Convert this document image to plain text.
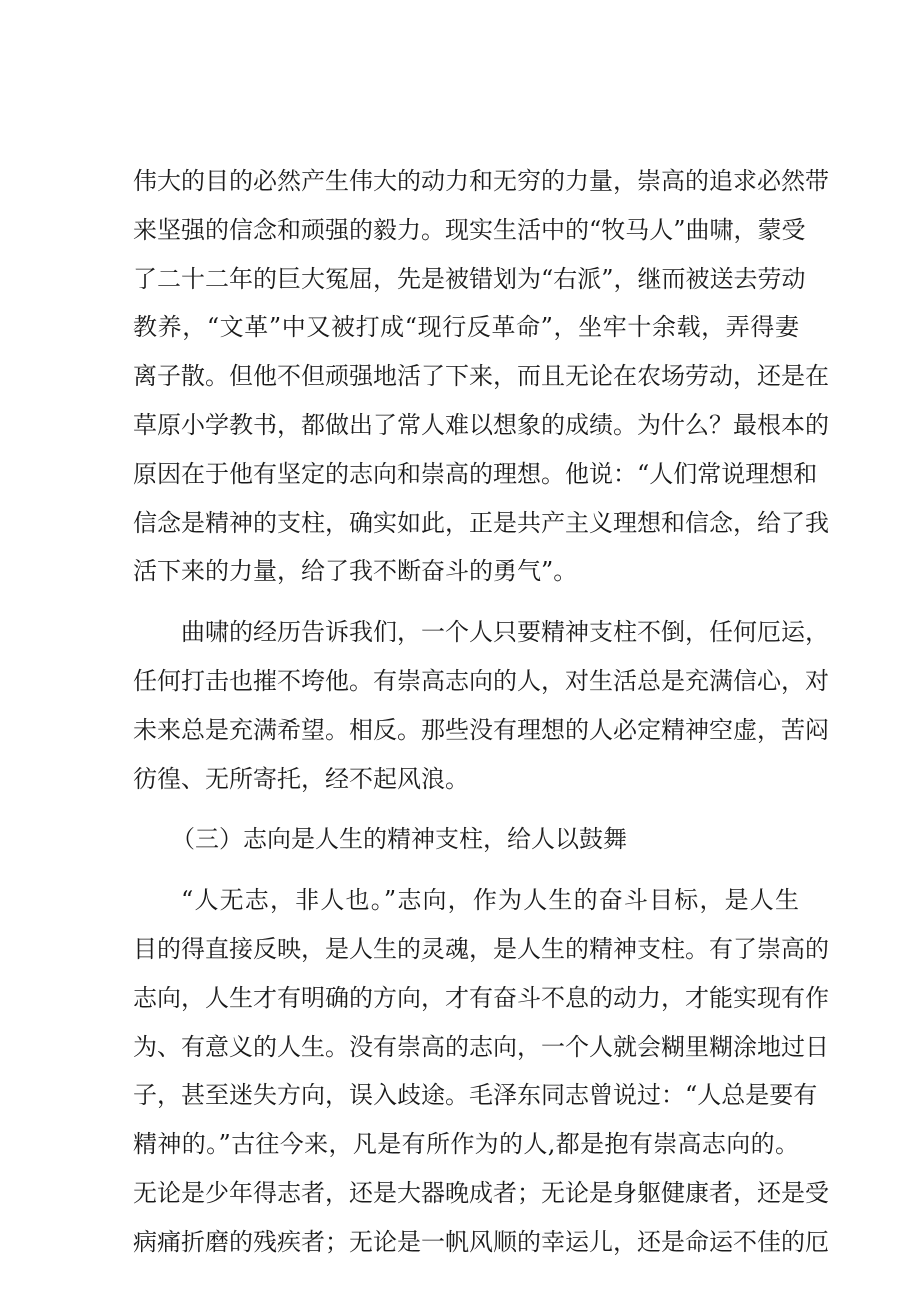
伟大的目的必然产生伟大的动力和无穷的力量，崇高的追求必然带
来坚强的信念和顽强的毅力。现实生活中的“牧马人”曲啸，蒙受
了二十二年的巨大冤屈，先是被错划为“右派”，继而被送去劳动
教养，“文革”中又被打成“现行反革命”，坐牢十余载，弄得妻
离子散。但他不但顽强地活了下来，而且无论在农场劳动，还是在
草原小学教书，都做出了常人难以想象的成绩。为什么？最根本的
原因在于他有坚定的志向和崇高的理想。他说：“人们常说理想和
信念是精神的支柱，确实如此，正是共产主义理想和信念，给了我
活下来的力量，给了我不断奋斗的勇气”。
曲啸的经历告诉我们，一个人只要精神支柱不倒，任何厄运，
任何打击也摧不垮他。有崇高志向的人，对生活总是充满信心，对
未来总是充满希望。相反。那些没有理想的人必定精神空虚，苦闷
彷徨、无所寄托，经不起风浪。
（三）志向是人生的精神支柱，给人以鼓舞
“人无志，非人也。”志向，作为人生的奋斗目标，是人生
目的得直接反映，是人生的灵魂，是人生的精神支柱。有了崇高的
志向，人生才有明确的方向，才有奋斗不息的动力，才能实现有作
为、有意义的人生。没有崇高的志向，一个人就会糊里糊涂地过日
子，甚至迷失方向，误入歧途。毛泽东同志曾说过：“人总是要有
精神的。”古往今来，凡是有所作为的人,都是抱有崇高志向的。
无论是少年得志者，还是大器晚成者；无论是身躯健康者，还是受
病痛折磨的残疾者；无论是一帆风顺的幸运儿，还是命运不佳的厄
